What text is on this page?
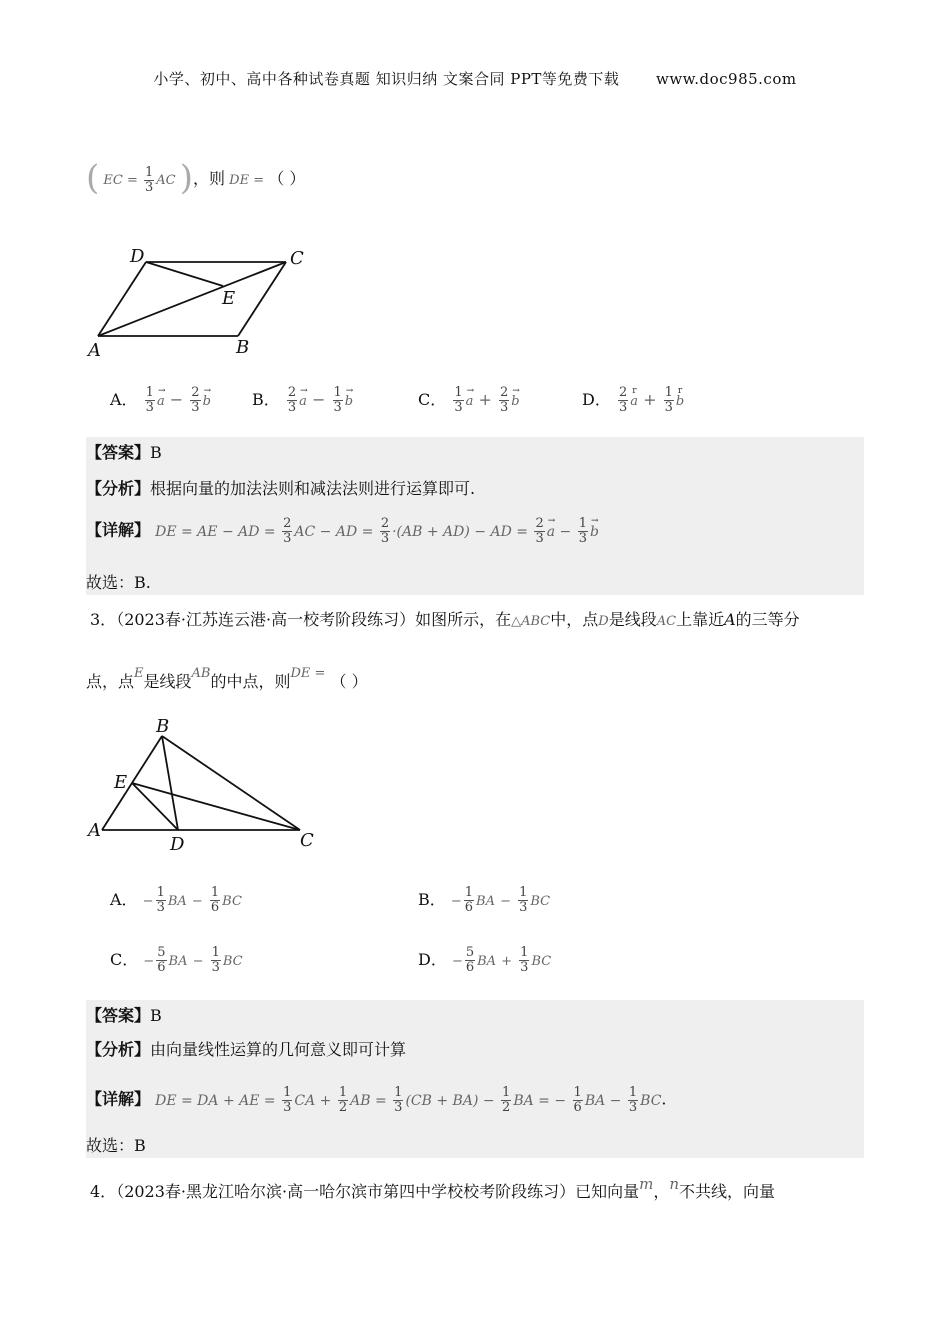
小学、初中、高中各种试卷真题 知识归纳 文案合同 PPT等免费下载 www.doc985.com
( EC = $\frac{1}{3}$ AC )，则 DE = （ ）
D	C
E
A	B
A． $\frac{1}{3}$ a → − $\frac{2}{3}$ b →	B． $\frac{2}{3}$ a → − $\frac{1}{3}$ b →	C． $\frac{1}{3}$ a → + $\frac{2}{3}$ b →	D． $\frac{2}{3}$ a $r + \frac{1}{3}$ b r
【答案】B
【分析】根据向量的加法法则和减法法则进行运算即可.
【详解】 DE = AE − AD = $\frac{2}{3}$ AC − AD = $\frac{2}{3} \cdot(AB + AD)$ − AD = $\frac{2}{3}$ a → − $\frac{1}{3}$ b →
故选：B.
3．（2023春·江苏连云港·高一校考阶段练习）如图所示，在△ABC中，点D是线段AC上靠近A的三等分
点，点$^E$是线段$^{AB}$的中点，则$^{DE =}$ （ ）
B
E
A
D	C
A． − $\frac{1}{3}$ BA − $\frac{1}{6}$ BC	B． − $\frac{1}{6}$ BA − $\frac{1}{3}$ BC
C． − $\frac{5}{6}$ BA − $\frac{1}{3}$ BC	D． − $\frac{5}{6}$ BA + $\frac{1}{3}$ BC
【答案】B
【分析】由向量线性运算的几何意义即可计算
【详解】 DE = DA + AE = $\frac{1}{3}$ CA + $\frac{1}{2}$ AB = $\frac{1}{3} (CB + BA) - \frac{1}{2}$ BA = − $\frac{1}{6}$ BA − $\frac{1}{3}$ BC.
故选：B
4．（2023春·黑龙江哈尔滨·高一哈尔滨市第四中学校校考阶段练习）已知向量m，n不共线，向量
